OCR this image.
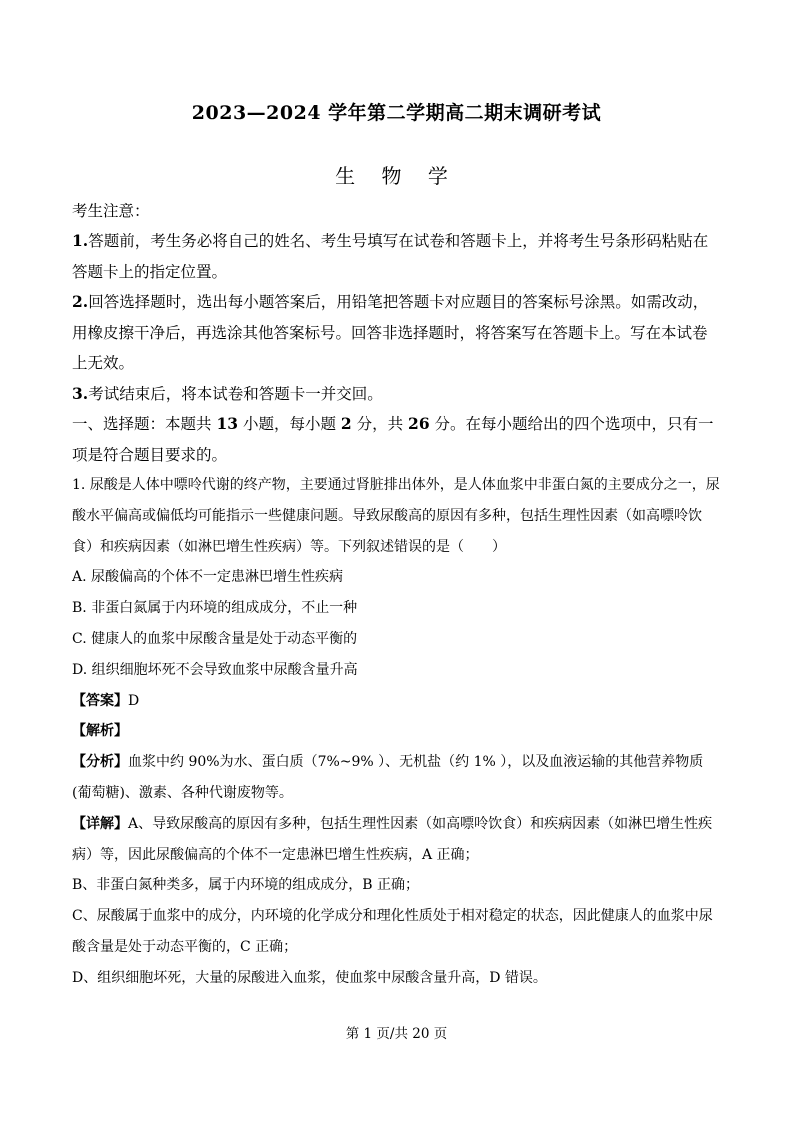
2023—2024 学年第二学期高二期末调研考试
生 物 学

考生注意：

1.答题前，考生务必将自己的姓名、考生号填写在试卷和答题卡上，并将考生号条形码粘贴在答题卡上的指定位置。

2.回答选择题时，选出每小题答案后，用铅笔把答题卡对应题目的答案标号涂黑。如需改动，用橡皮擦干净后，再选涂其他答案标号。回答非选择题时，将答案写在答题卡上。写在本试卷上无效。

3.考试结束后，将本试卷和答题卡一并交回。

一、选择题：本题共 13 小题，每小题 2 分，共 26 分。在每小题给出的四个选项中，只有一项是符合题目要求的。

1. 尿酸是人体中嘌呤代谢的终产物，主要通过肾脏排出体外，是人体血浆中非蛋白氮的主要成分之一，尿酸水平偏高或偏低均可能指示一些健康问题。导致尿酸高的原因有多种，包括生理性因素（如高嘌呤饮食）和疾病因素（如淋巴增生性疾病）等。下列叙述错误的是（　　）

A. 尿酸偏高的个体不一定患淋巴增生性疾病

B. 非蛋白氮属于内环境的组成成分，不止一种

C. 健康人的血浆中尿酸含量是处于动态平衡的

D. 组织细胞坏死不会导致血浆中尿酸含量升高

【答案】D

【解析】

【分析】血浆中约 90%为水、蛋白质（7%~9% ）、无机盐（约 1% ），以及血液运输的其他营养物质(葡萄糖)、激素、各种代谢废物等。

【详解】A、导致尿酸高的原因有多种，包括生理性因素（如高嘌呤饮食）和疾病因素（如淋巴增生性疾病）等，因此尿酸偏高的个体不一定患淋巴增生性疾病，A 正确；

B、非蛋白氮种类多，属于内环境的组成成分，B 正确；

C、尿酸属于血浆中的成分，内环境的化学成分和理化性质处于相对稳定的状态，因此健康人的血浆中尿酸含量是处于动态平衡的，C 正确；

D、组织细胞坏死，大量的尿酸进入血浆，使血浆中尿酸含量升高，D 错误。

第 1 页/共 20 页
